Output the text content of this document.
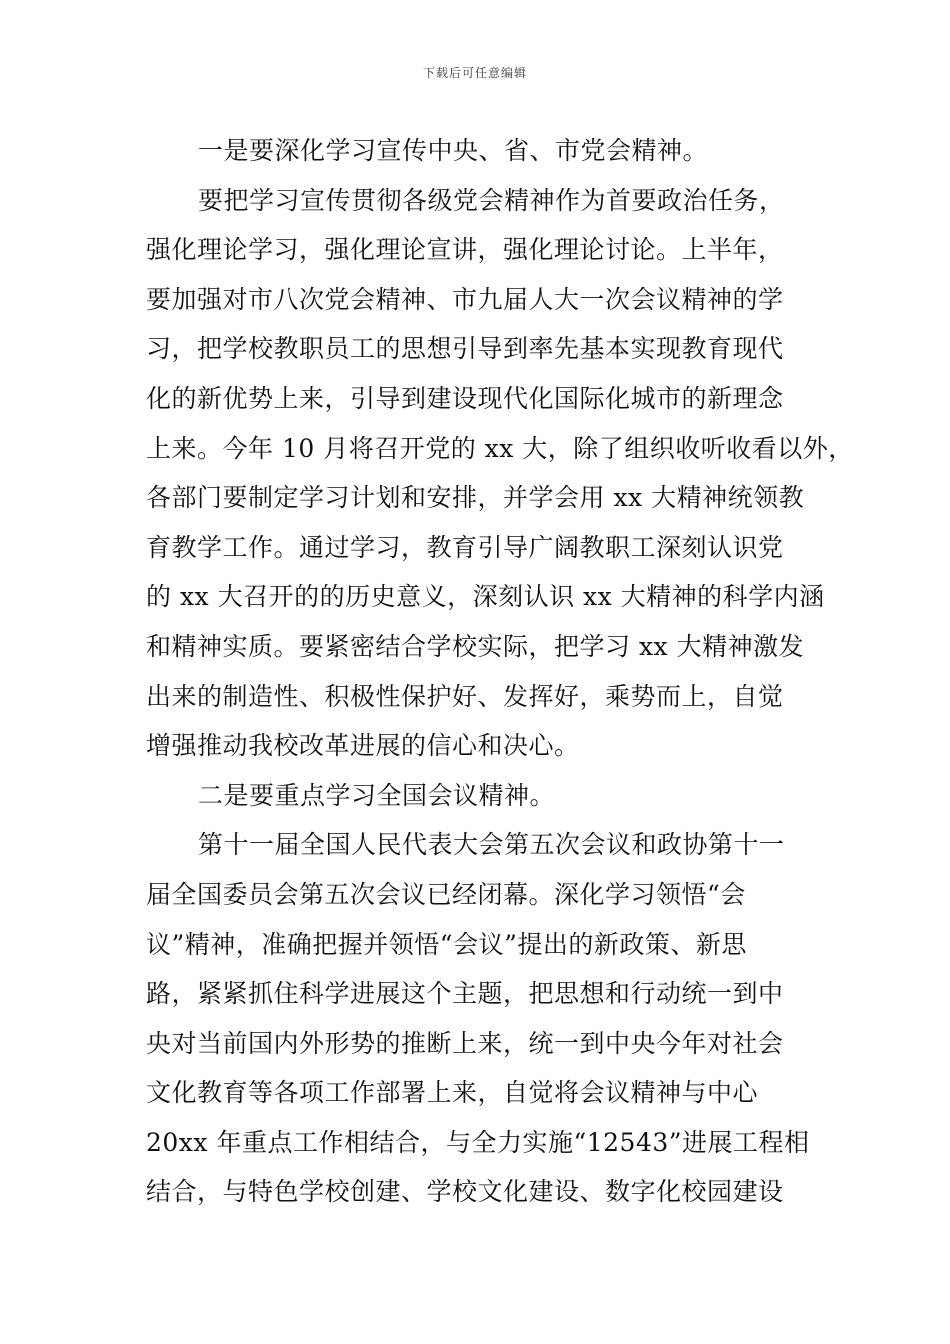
下载后可任意编辑
一是要深化学习宣传中央、省、市党会精神。
要把学习宣传贯彻各级党会精神作为首要政治任务，
强化理论学习，强化理论宣讲，强化理论讨论。上半年，
要加强对市八次党会精神、市九届人大一次会议精神的学
习，把学校教职员工的思想引导到率先基本实现教育现代
化的新优势上来，引导到建设现代化国际化城市的新理念
上来。今年 10 月将召开党的 xx 大，除了组织收听收看以外，
各部门要制定学习计划和安排，并学会用 xx 大精神统领教
育教学工作。通过学习，教育引导广阔教职工深刻认识党
的 xx 大召开的的历史意义，深刻认识 xx 大精神的科学内涵
和精神实质。要紧密结合学校实际，把学习 xx 大精神激发
出来的制造性、积极性保护好、发挥好，乘势而上，自觉
增强推动我校改革进展的信心和决心。
二是要重点学习全国会议精神。
第十一届全国人民代表大会第五次会议和政协第十一
届全国委员会第五次会议已经闭幕。深化学习领悟“会
议”精神，准确把握并领悟“会议”提出的新政策、新思
路，紧紧抓住科学进展这个主题，把思想和行动统一到中
央对当前国内外形势的推断上来，统一到中央今年对社会
文化教育等各项工作部署上来，自觉将会议精神与中心
20xx 年重点工作相结合，与全力实施“12543”进展工程相
结合，与特色学校创建、学校文化建设、数字化校园建设
